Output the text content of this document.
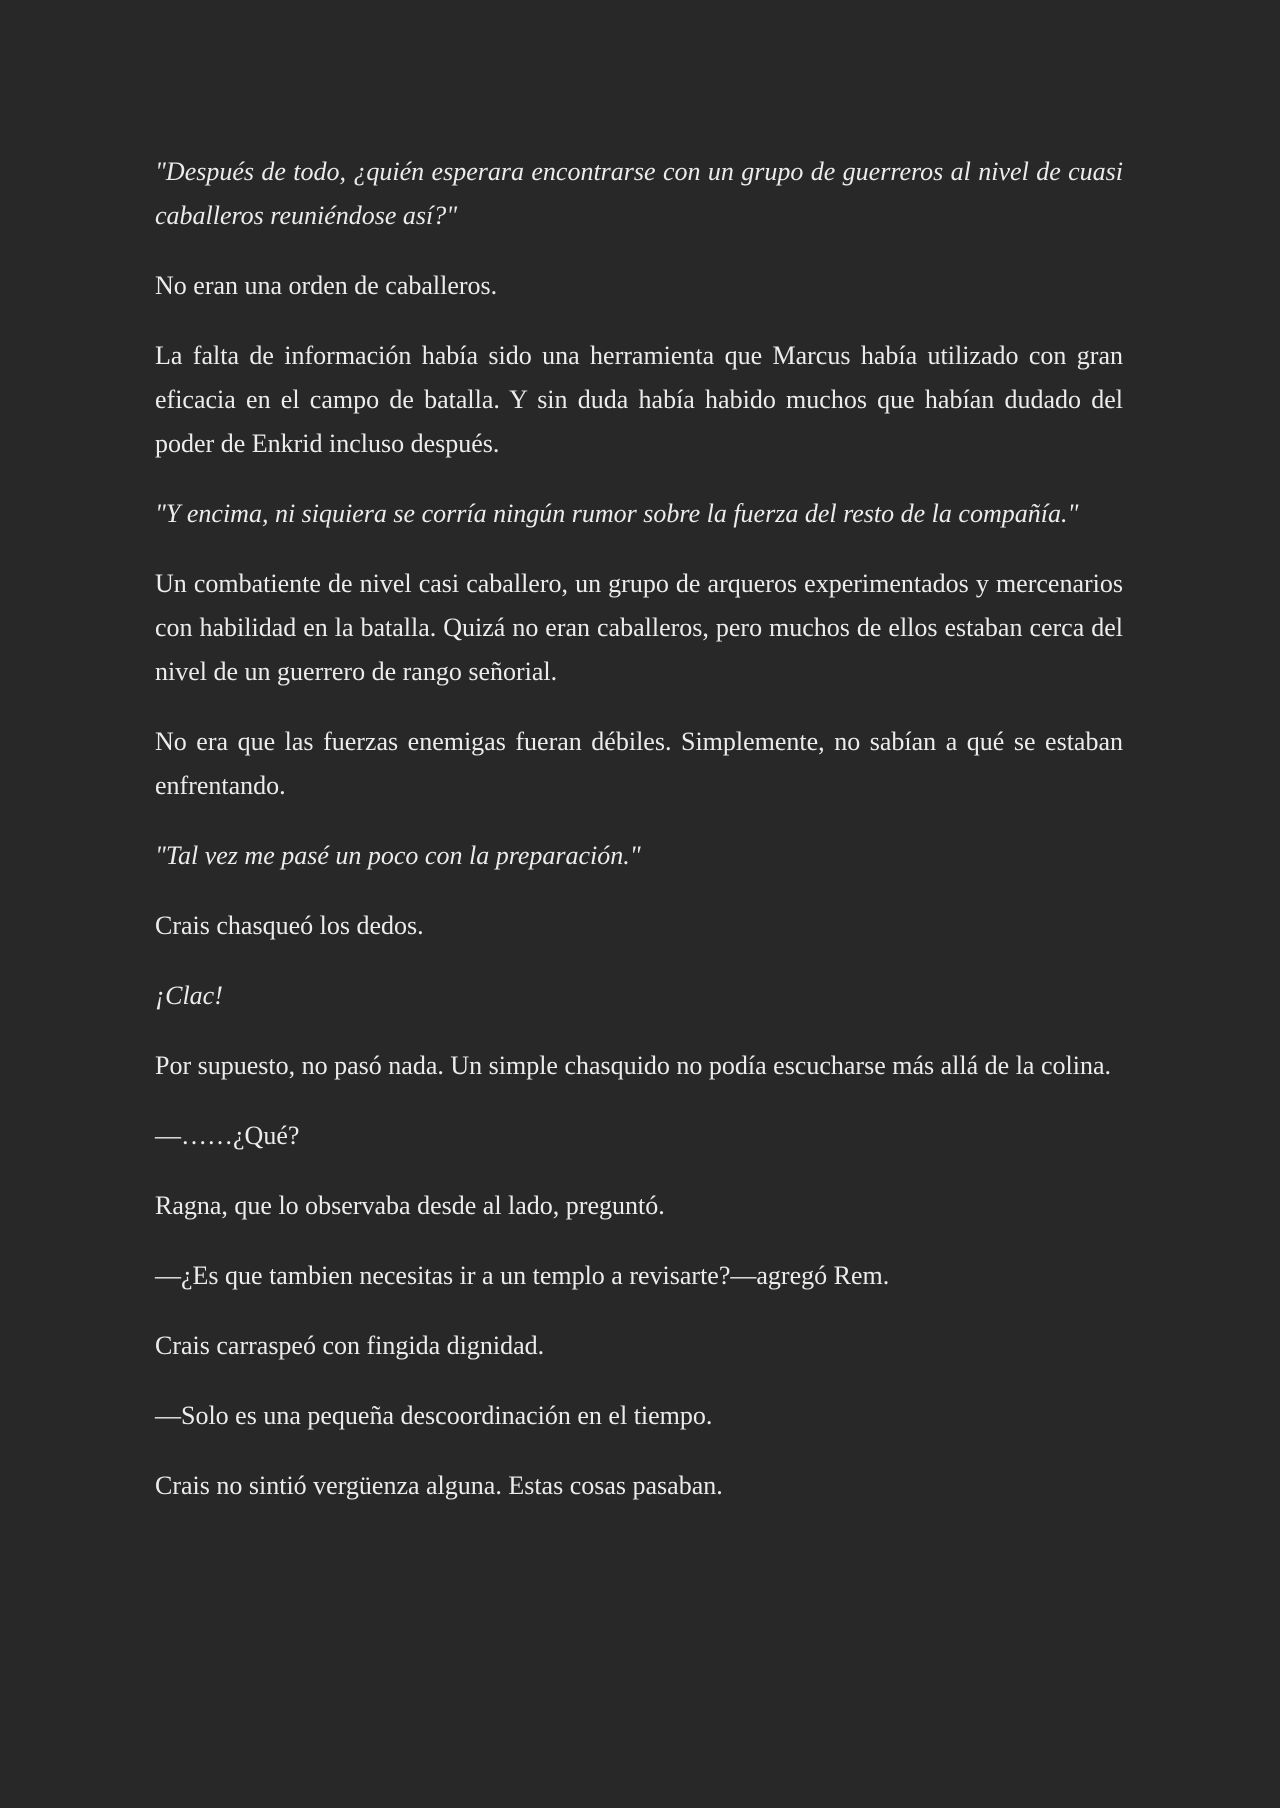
"Después de todo, ¿quién esperara encontrarse con un grupo de guerreros al nivel de cuasi caballeros reuniéndose así?"

No eran una orden de caballeros.

La falta de información había sido una herramienta que Marcus había utilizado con gran eficacia en el campo de batalla. Y sin duda había habido muchos que habían dudado del poder de Enkrid incluso después.

"Y encima, ni siquiera se corría ningún rumor sobre la fuerza del resto de la compañía."

Un combatiente de nivel casi caballero, un grupo de arqueros experimentados y mercenarios con habilidad en la batalla. Quizá no eran caballeros, pero muchos de ellos estaban cerca del nivel de un guerrero de rango señorial.

No era que las fuerzas enemigas fueran débiles. Simplemente, no sabían a qué se estaban enfrentando.

"Tal vez me pasé un poco con la preparación."

Crais chasqueó los dedos.

¡Clac!

Por supuesto, no pasó nada. Un simple chasquido no podía escucharse más allá de la colina.

—……¿Qué?

Ragna, que lo observaba desde al lado, preguntó.

—¿Es que tambien necesitas ir a un templo a revisarte?—agregó Rem.

Crais carraspeó con fingida dignidad.

—Solo es una pequeña descoordinación en el tiempo.

Crais no sintió vergüenza alguna. Estas cosas pasaban.
